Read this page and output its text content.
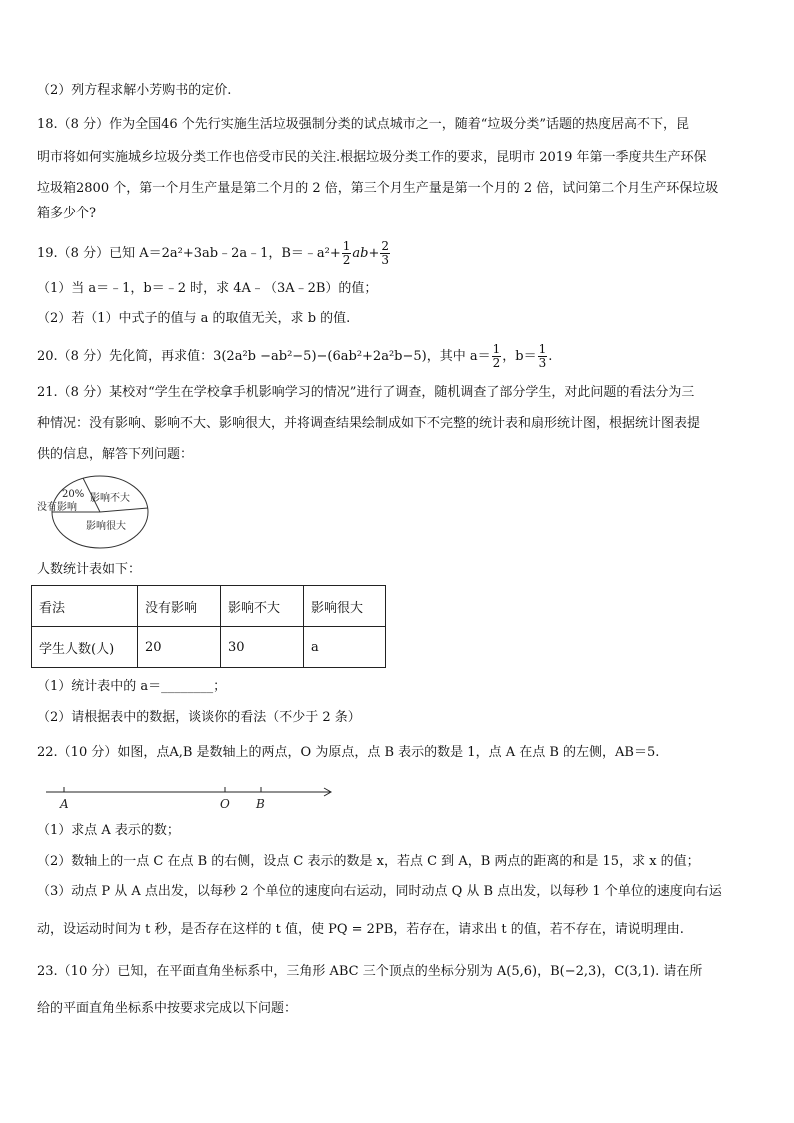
（2）列方程求解小芳购书的定价.
18.（8 分）作为全国46 个先行实施生活垃圾强制分类的试点城市之一，随着“垃圾分类”话题的热度居高不下，昆
明市将如何实施城乡垃圾分类工作也倍受市民的关注.根据垃圾分类工作的要求，昆明市 2019 年第一季度共生产环保
垃圾箱2800 个，第一个月生产量是第二个月的 2 倍，第三个月生产量是第一个月的 2 倍，试问第二个月生产环保垃圾
箱多少个?
19.（8 分）已知 A＝2a²+3ab﹣2a﹣1，B＝﹣a²+ $\frac{1}{2} ab+ \frac{2}{3}$
（1）当 a＝﹣1，b＝﹣2 时，求 4A﹣（3A﹣2B）的值；
（2）若（1）中式子的值与 a 的取值无关，求 b 的值.
20.（8 分）先化简，再求值：3(2a²b −ab²−5)−(6ab²+2a²b−5)，其中 $a= \frac{1}{2}$ ，$b= \frac{1}{3}$ .
21.（8 分）某校对“学生在学校拿手机影响学习的情况”进行了调查，随机调查了部分学生，对此问题的看法分为三
种情况：没有影响、影响不大、影响很大，并将调查结果绘制成如下不完整的统计表和扇形统计图，根据统计图表提
供的信息，解答下列问题：
20%
没有影响
影响不大
影响很大
人数统计表如下：
看法	没有影响	影响不大	影响很大
学生人数(人)	20	30	a
（1）统计表中的 a＝________；
（2）请根据表中的数据，谈谈你的看法（不少于 2 条）
22.（10 分）如图，点A,B 是数轴上的两点，O 为原点，点 B 表示的数是 1，点 A 在点 B 的左侧，AB＝5.
A	O B
（1）求点 A 表示的数；
（2）数轴上的一点 C 在点 B 的右侧，设点 C 表示的数是 x，若点 C 到 A，B 两点的距离的和是 15，求 x 的值；
（3）动点 P 从 A 点出发，以每秒 2 个单位的速度向右运动，同时动点 Q 从 B 点出发，以每秒 1 个单位的速度向右运
动，设运动时间为 t 秒，是否存在这样的 t 值，使 PQ = 2PB，若存在，请求出 t 的值，若不存在，请说明理由.
23.（10 分）已知，在平面直角坐标系中，三角形 ABC 三个顶点的坐标分别为 A(5,6)，B(−2,3)，C(3,1). 请在所
给的平面直角坐标系中按要求完成以下问题：
